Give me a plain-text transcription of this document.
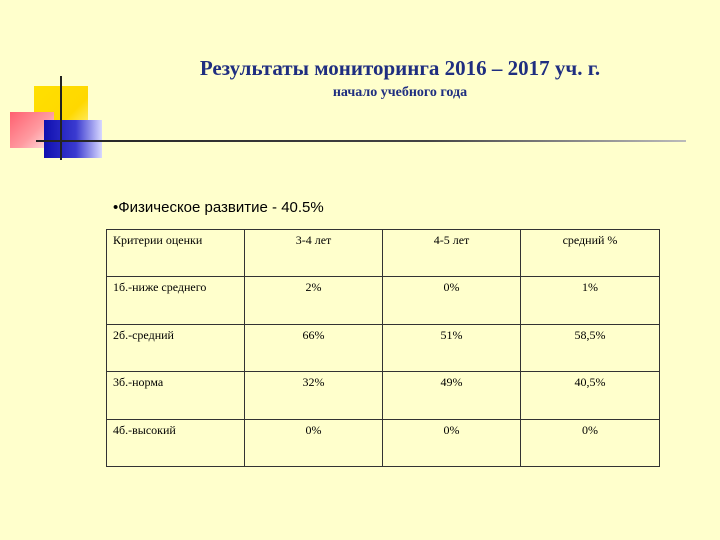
Результаты мониторинга 2016 – 2017 уч. г.
начало учебного года
•Физическое развитие - 40.5%
Критерии оценки	3-4 лет	4-5 лет	средний %
1б.-ниже среднего	2%	0%	1%
2б.-средний	66%	51%	58,5%
3б.-норма	32%	49%	40,5%
4б.-высокий	0%	0%	0%
